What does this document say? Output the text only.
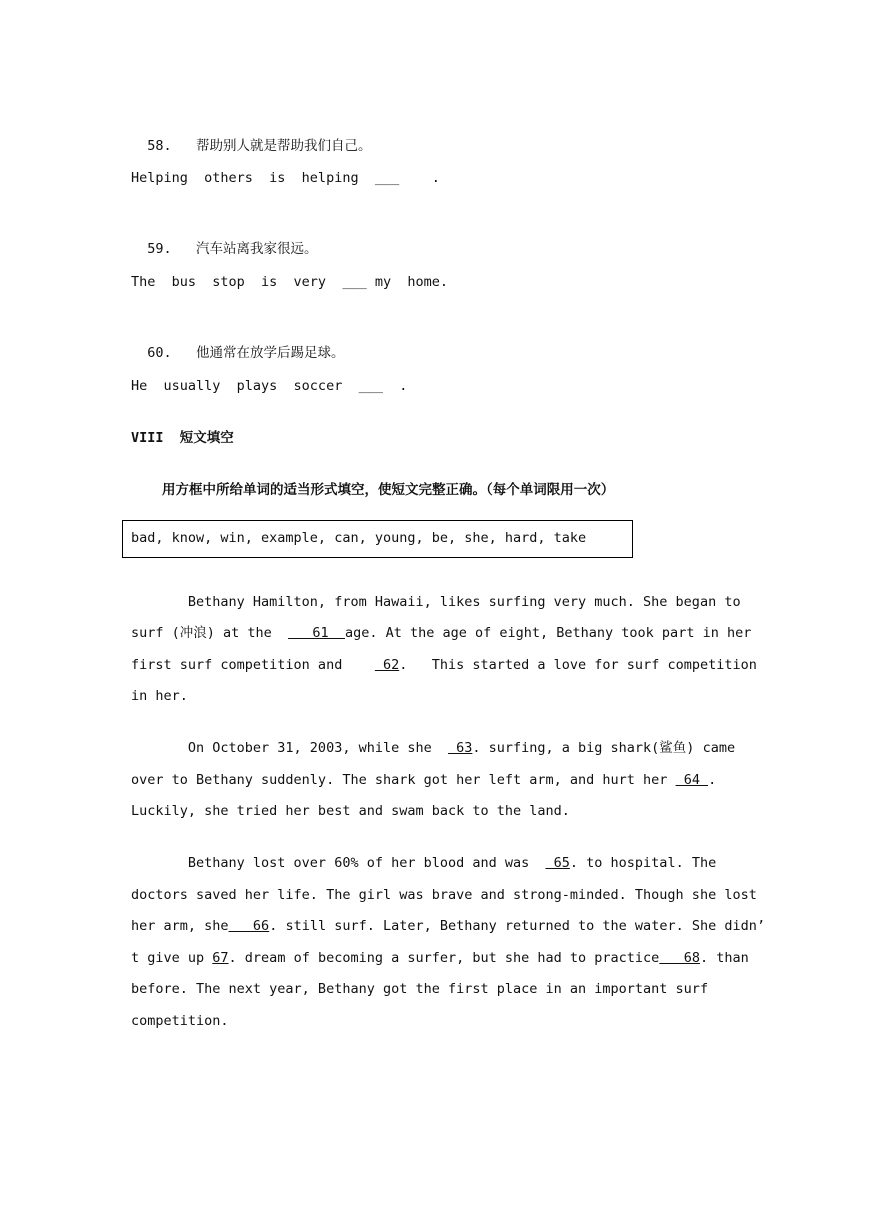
58. 帮助别人就是帮助我们自己。

Helping  others  is  helping  ___    .

59. 汽车站离我家很远。

The  bus  stop  is  very  ___ my  home.

60. 他通常在放学后踢足球。

He  usually  plays  soccer  ___  .
VIII  短文填空
用方框中所给单词的适当形式填空，使短文完整正确。（每个单词限用一次）
bad, know, win, example, can, young, be, she, hard, take
Bethany Hamilton, from Hawaii, likes surfing very much. She began to
surf (冲浪) at the     61  age. At the age of eight, Bethany took part in her
first surf competition and     62.   This started a love for surf competition
in her.
On October 31, 2003, while she   63. surfing, a big shark(鲨鱼) came
over to Bethany suddenly. The shark got her left arm, and hurt her  64 .
Luckily, she tried her best and swam back to the land.
Bethany lost over 60% of her blood and was   65. to hospital. The
doctors saved her life. The girl was brave and strong-minded. Though she lost
her arm, she   66. still surf. Later, Bethany returned to the water. She didn’
t give up 67. dream of becoming a surfer, but she had to practice   68. than
before. The next year, Bethany got the first place in an important surf
competition.
